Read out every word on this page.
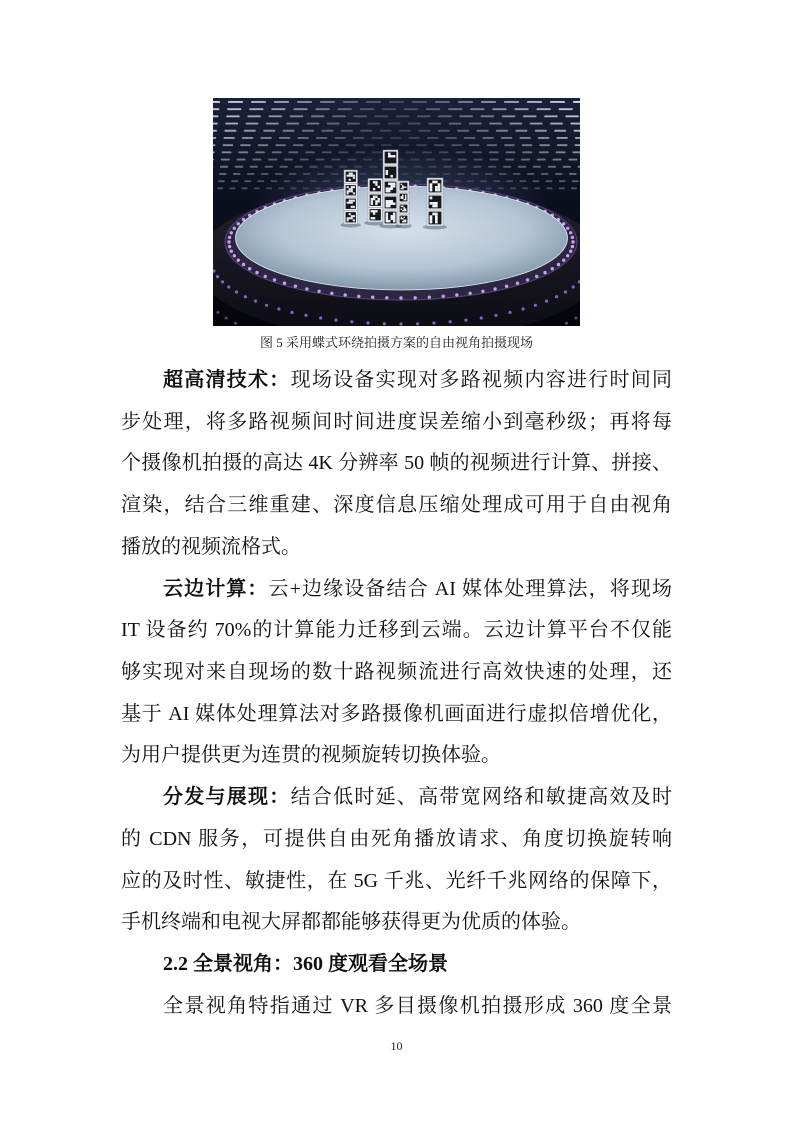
图 5 采用蝶式环绕拍摄方案的自由视角拍摄现场
超高清技术：现场设备实现对多路视频内容进行时间同
步处理，将多路视频间时间进度误差缩小到毫秒级；再将每
个摄像机拍摄的高达 4K 分辨率 50 帧的视频进行计算、拼接、
渲染，结合三维重建、深度信息压缩处理成可用于自由视角
播放的视频流格式。
云边计算：云+边缘设备结合 AI 媒体处理算法，将现场
IT 设备约 70%的计算能力迁移到云端。云边计算平台不仅能
够实现对来自现场的数十路视频流进行高效快速的处理，还
基于 AI 媒体处理算法对多路摄像机画面进行虚拟倍增优化，
为用户提供更为连贯的视频旋转切换体验。
分发与展现：结合低时延、高带宽网络和敏捷高效及时
的 CDN 服务，可提供自由死角播放请求、角度切换旋转响
应的及时性、敏捷性，在 5G 千兆、光纤千兆网络的保障下，
手机终端和电视大屏都都能够获得更为优质的体验。
2.2 全景视角：360 度观看全场景
全景视角特指通过 VR 多目摄像机拍摄形成 360 度全景
10
